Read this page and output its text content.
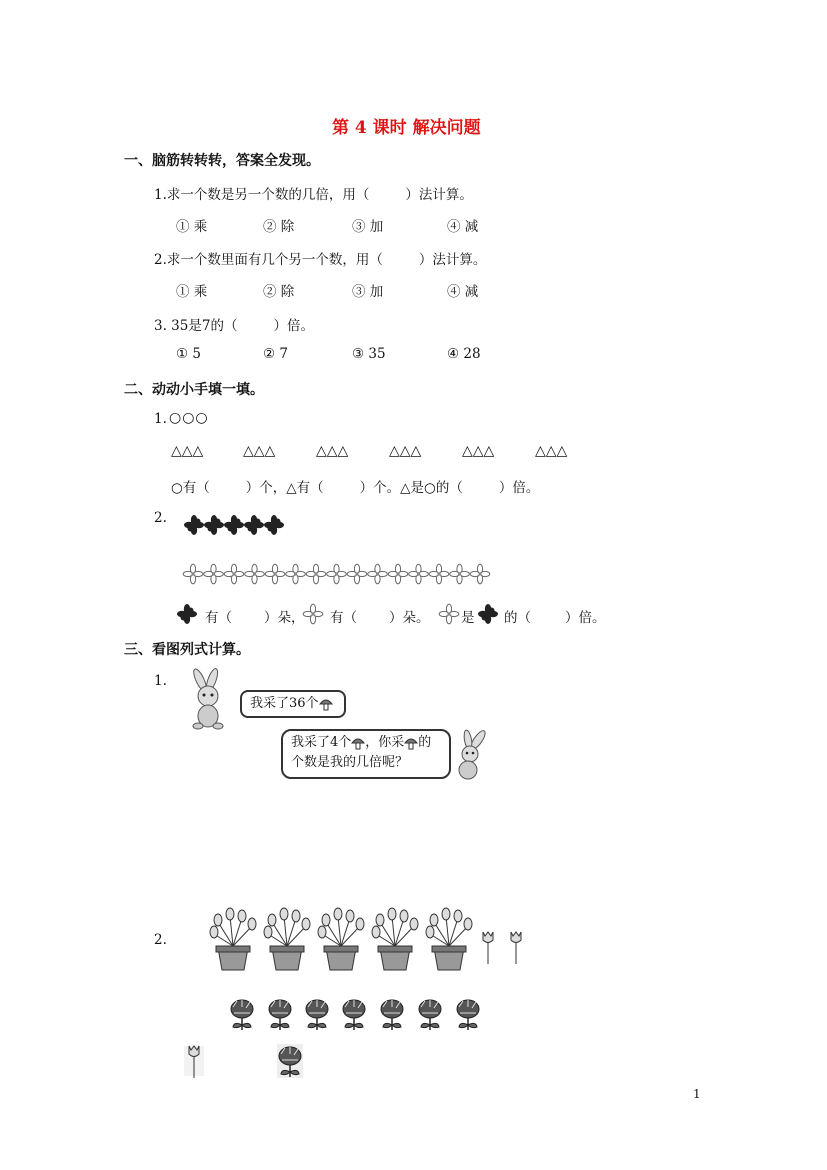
第 4 课时 解决问题
一、脑筋转转转，答案全发现。
1.求一个数是另一个数的几倍，用（	）法计算。
① 乘	② 除	③ 加	④ 减
2.求一个数里面有几个另一个数，用（	）法计算。
① 乘	② 除	③ 加	④ 减
3. 35是7的（	）倍。
① 5	② 7	③ 35	④ 28
二、动动小手填一填。
1. ○○○
△△△	△△△	△△△	△△△	△△△	△△△
○有（	）个，△有（	）个。△是○的（	）倍。
2.
有（ ）朵， 有（ ）朵。 是 的（	）倍。
三、看图列式计算。
1.
我采了36个
我采了4个 ，你采 的
个数是我的几倍呢？
2.
1
